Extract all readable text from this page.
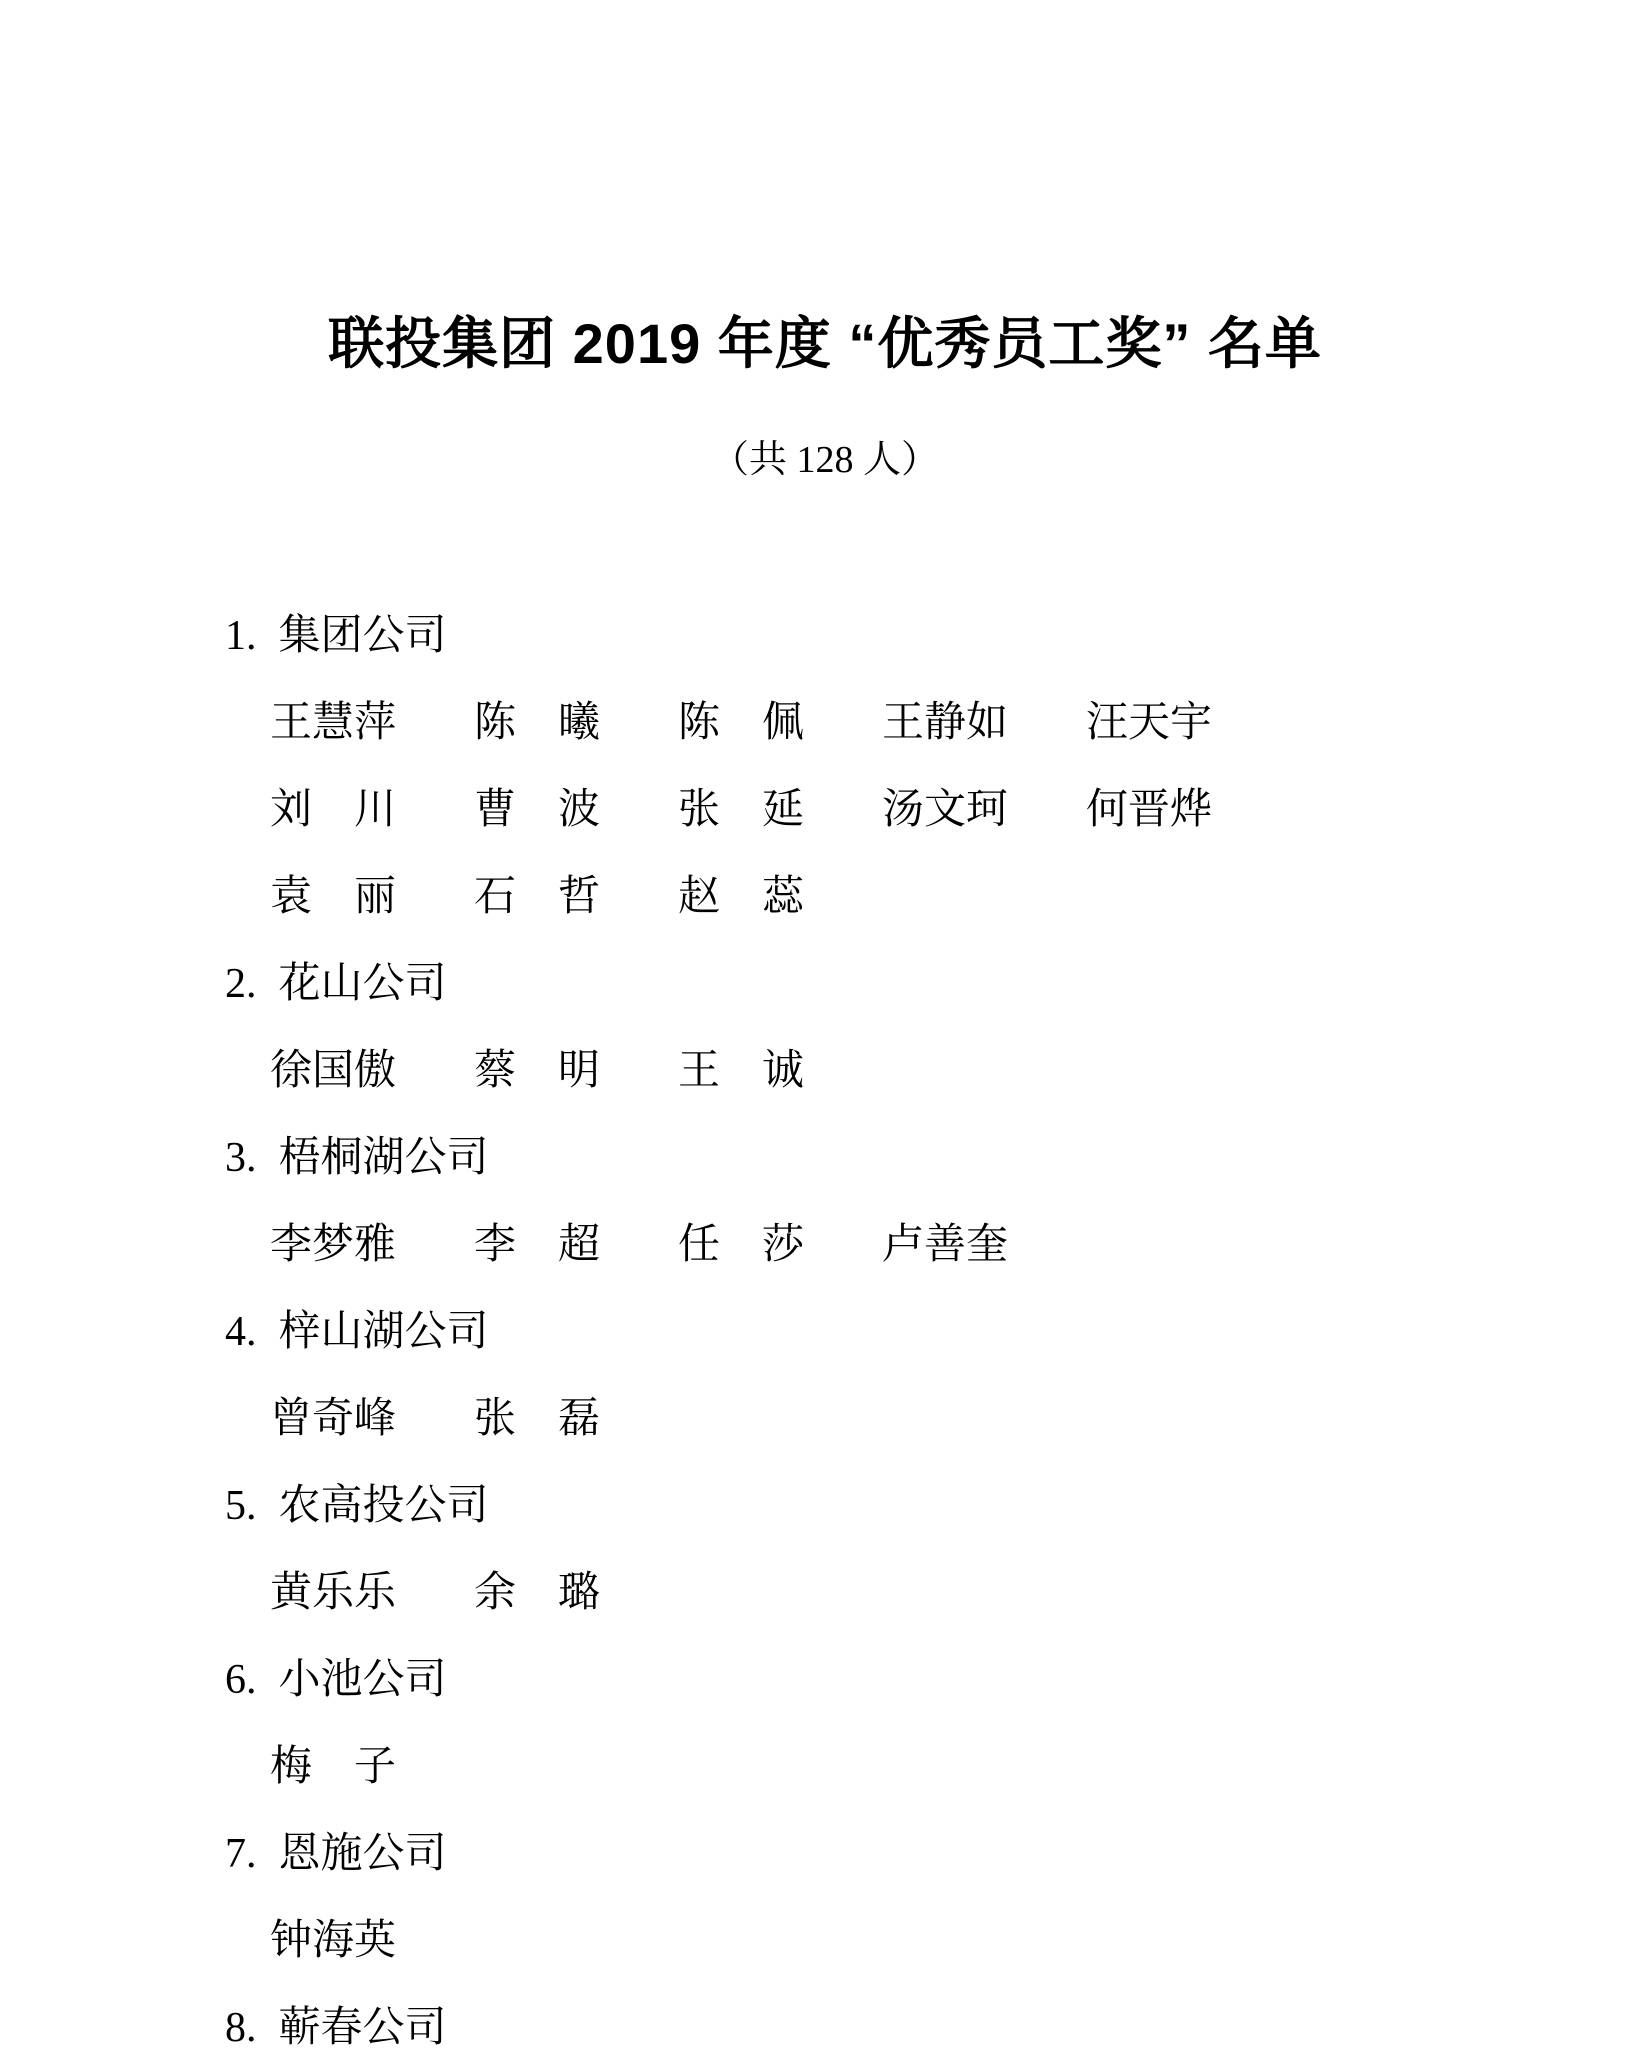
联投集团 2019 年度 “优秀员工奖” 名单
（共 128 人）
1. 集团公司
王慧萍 陈　曦 陈　佩 王静如 汪天宇
刘　川 曹　波 张　延 汤文珂 何晋烨
袁　丽 石　哲 赵　蕊
2. 花山公司
徐国傲 蔡　明 王　诚
3. 梧桐湖公司
李梦雅 李　超 任　莎 卢善奎
4. 梓山湖公司
曾奇峰 张　磊
5. 农高投公司
黄乐乐 余　璐
6. 小池公司
梅　子
7. 恩施公司
钟海英
8. 蕲春公司
